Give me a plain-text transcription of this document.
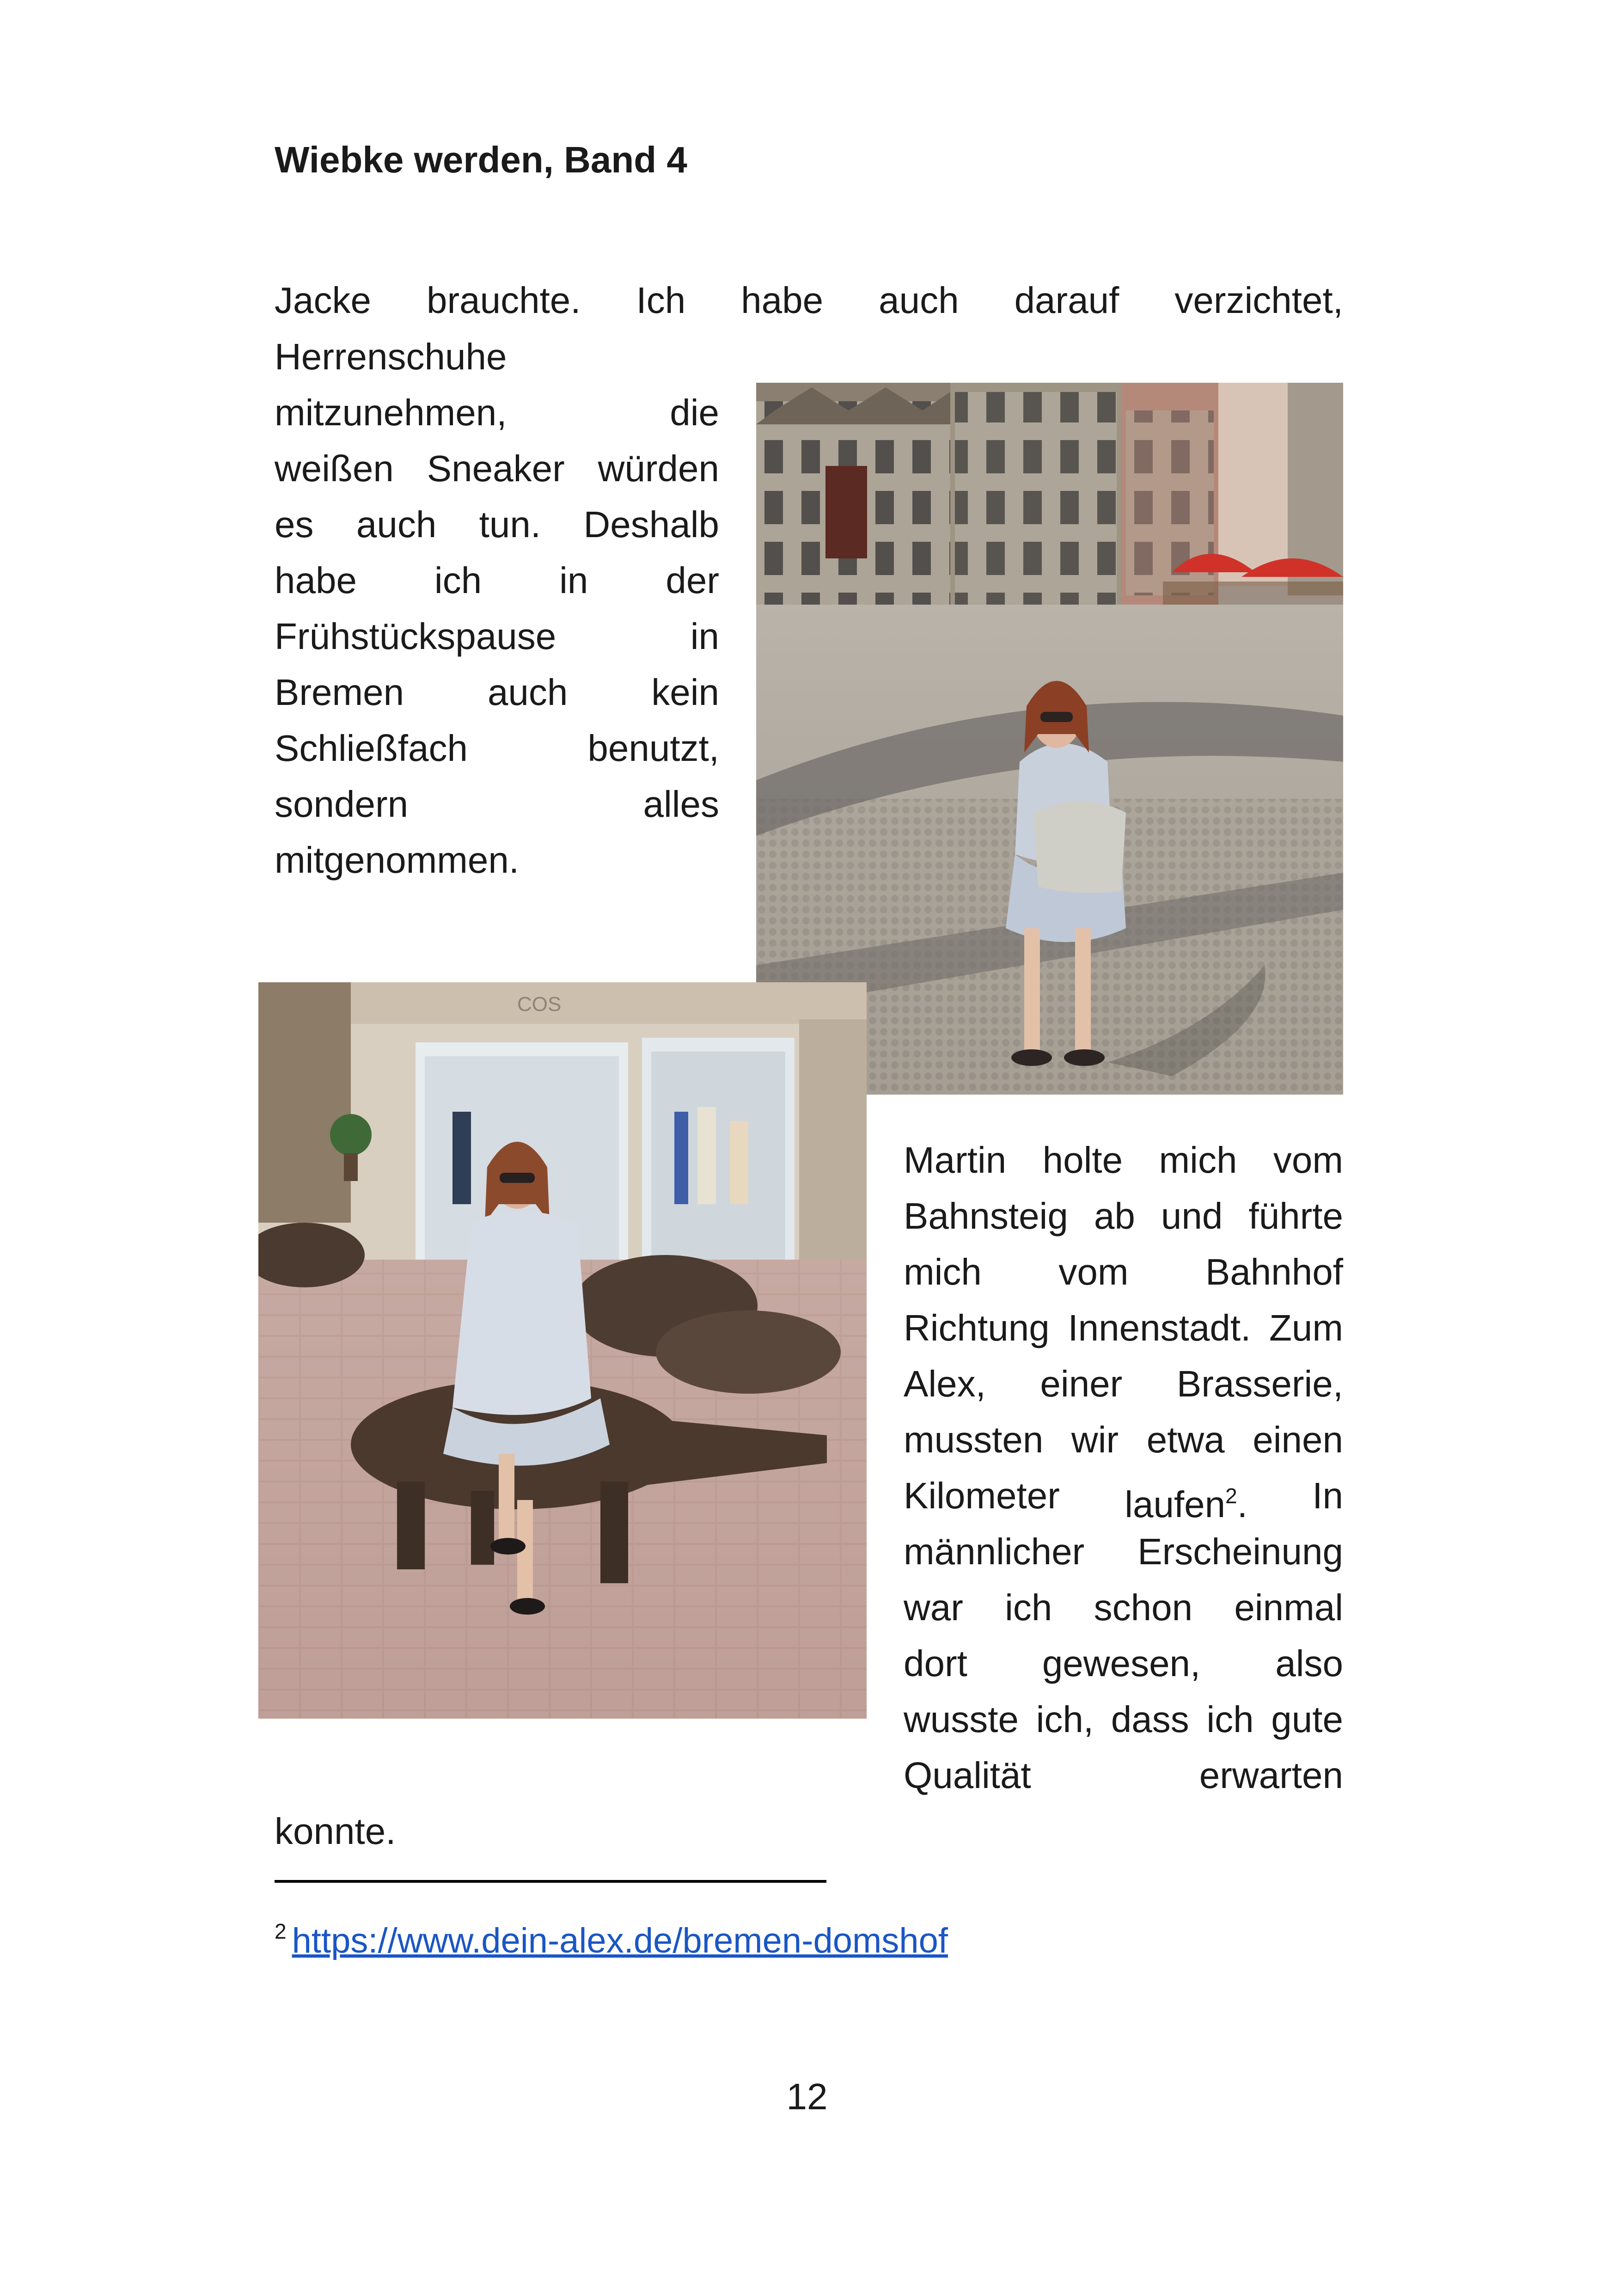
Wiebke werden, Band 4
Jacke brauchte. Ich habe auch darauf verzichtet,
Herrenschuhe
mitzunehmen,	die
weißen Sneaker würden
es auch tun. Deshalb
habe ich in der
Frühstückspause	in
Bremen auch kein
Schließfach	benutzt,
sondern	alles
mitgenommen.
COS
Martin holte mich vom
Bahnsteig ab und führte
mich vom Bahnhof
Richtung Innenstadt. Zum
Alex, einer Brasserie,
mussten wir etwa einen
Kilometer laufen$^2$. In
männlicher Erscheinung
war ich schon einmal
dort gewesen, also
wusste ich, dass ich gute
Qualität	erwarten
konnte.
$^2$ https://www.dein-alex.de/bremen-domshof
12
